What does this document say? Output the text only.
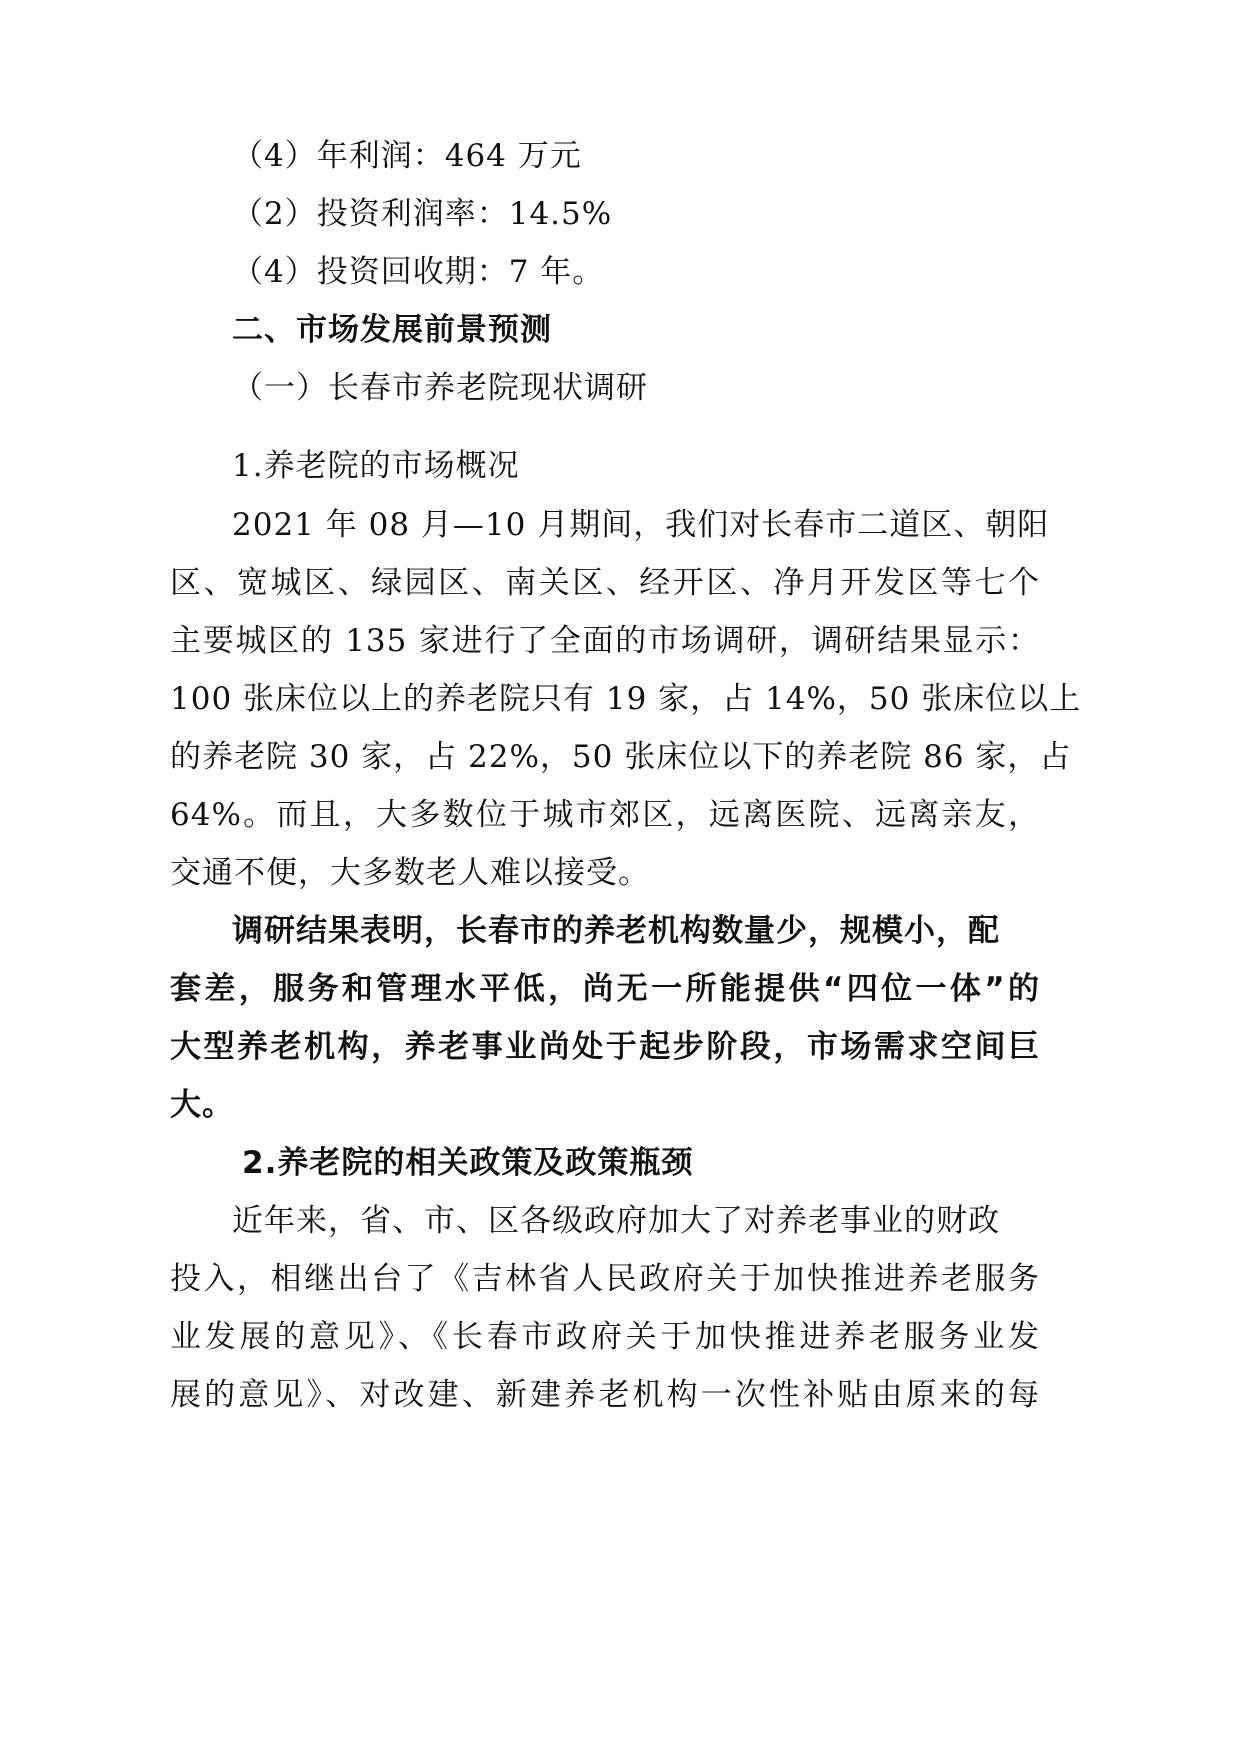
（4）年利润：464 万元
（2）投资利润率：14.5%
（4）投资回收期：7 年。
二、市场发展前景预测
（一）长春市养老院现状调研
1.养老院的市场概况
2021 年 08 月—10 月期间，我们对长春市二道区、朝阳
区、宽城区、绿园区、南关区、经开区、净月开发区等七个
主要城区的 135 家进行了全面的市场调研，调研结果显示：
100 张床位以上的养老院只有 19 家，占 14%，50 张床位以上
的养老院 30 家，占 22%，50 张床位以下的养老院 86 家，占
64%。而且，大多数位于城市郊区，远离医院、远离亲友，
交通不便，大多数老人难以接受。
调研结果表明，长春市的养老机构数量少，规模小，配
套差，服务和管理水平低，尚无一所能提供“四位一体”的
大型养老机构，养老事业尚处于起步阶段，市场需求空间巨
大。
2.养老院的相关政策及政策瓶颈
近年来，省、市、区各级政府加大了对养老事业的财政
投入，相继出台了《吉林省人民政府关于加快推进养老服务
业发展的意见》、《长春市政府关于加快推进养老服务业发
展的意见》、对改建、新建养老机构一次性补贴由原来的每
